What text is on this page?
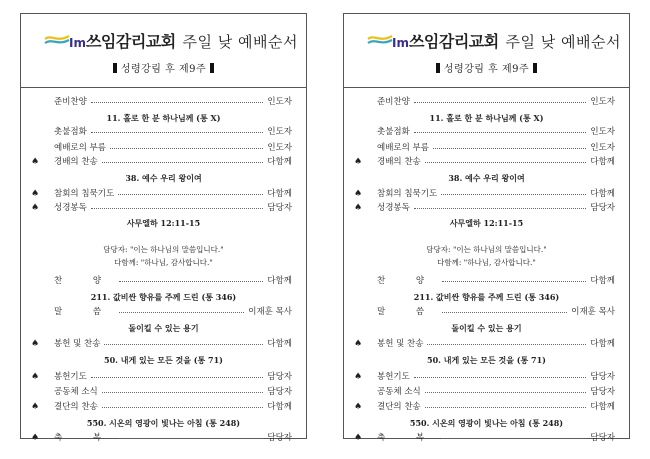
Im쓰임감리교회 주일 낮 예배순서
성령강림 후 제9주
준비찬양	인도자
11. 홀로 한 분 하나님께 (통 X)
촛불점화	인도자
예배로의 부름	인도자
♠ 경배의 찬송	다함께
38. 예수 우리 왕이여
♠ 참회의 침묵기도	다함께
♠ 성경봉독	담당자
사무엘하 12:11-15
담당자: "이는 하나님의 말씀입니다."
다함께: "하나님, 감사합니다."
찬 양	다함께
211. 값비싼 향유를 주께 드린 (통 346)
말 씀	이재훈 목사
돌이킬 수 있는 용기
♠ 봉헌 및 찬송	다함께
50. 내게 있는 모든 것을 (통 71)
♠ 봉헌기도	담당자
공동체 소식	담당자
♠ 결단의 찬송	다함께
550. 시온의 영광이 빛나는 아침 (통 248)
♠ 축 복	담당자
Im쓰임감리교회 주일 낮 예배순서
성령강림 후 제9주
준비찬양	인도자
11. 홀로 한 분 하나님께 (통 X)
촛불점화	인도자
예배로의 부름	인도자
♠ 경배의 찬송	다함께
38. 예수 우리 왕이여
♠ 참회의 침묵기도	다함께
♠ 성경봉독	담당자
사무엘하 12:11-15
담당자: "이는 하나님의 말씀입니다."
다함께: "하나님, 감사합니다."
찬 양	다함께
211. 값비싼 향유를 주께 드린 (통 346)
말 씀	이재훈 목사
돌이킬 수 있는 용기
♠ 봉헌 및 찬송	다함께
50. 내게 있는 모든 것을 (통 71)
♠ 봉헌기도	담당자
공동체 소식	담당자
♠ 결단의 찬송	다함께
550. 시온의 영광이 빛나는 아침 (통 248)
♠ 축 복	담당자
